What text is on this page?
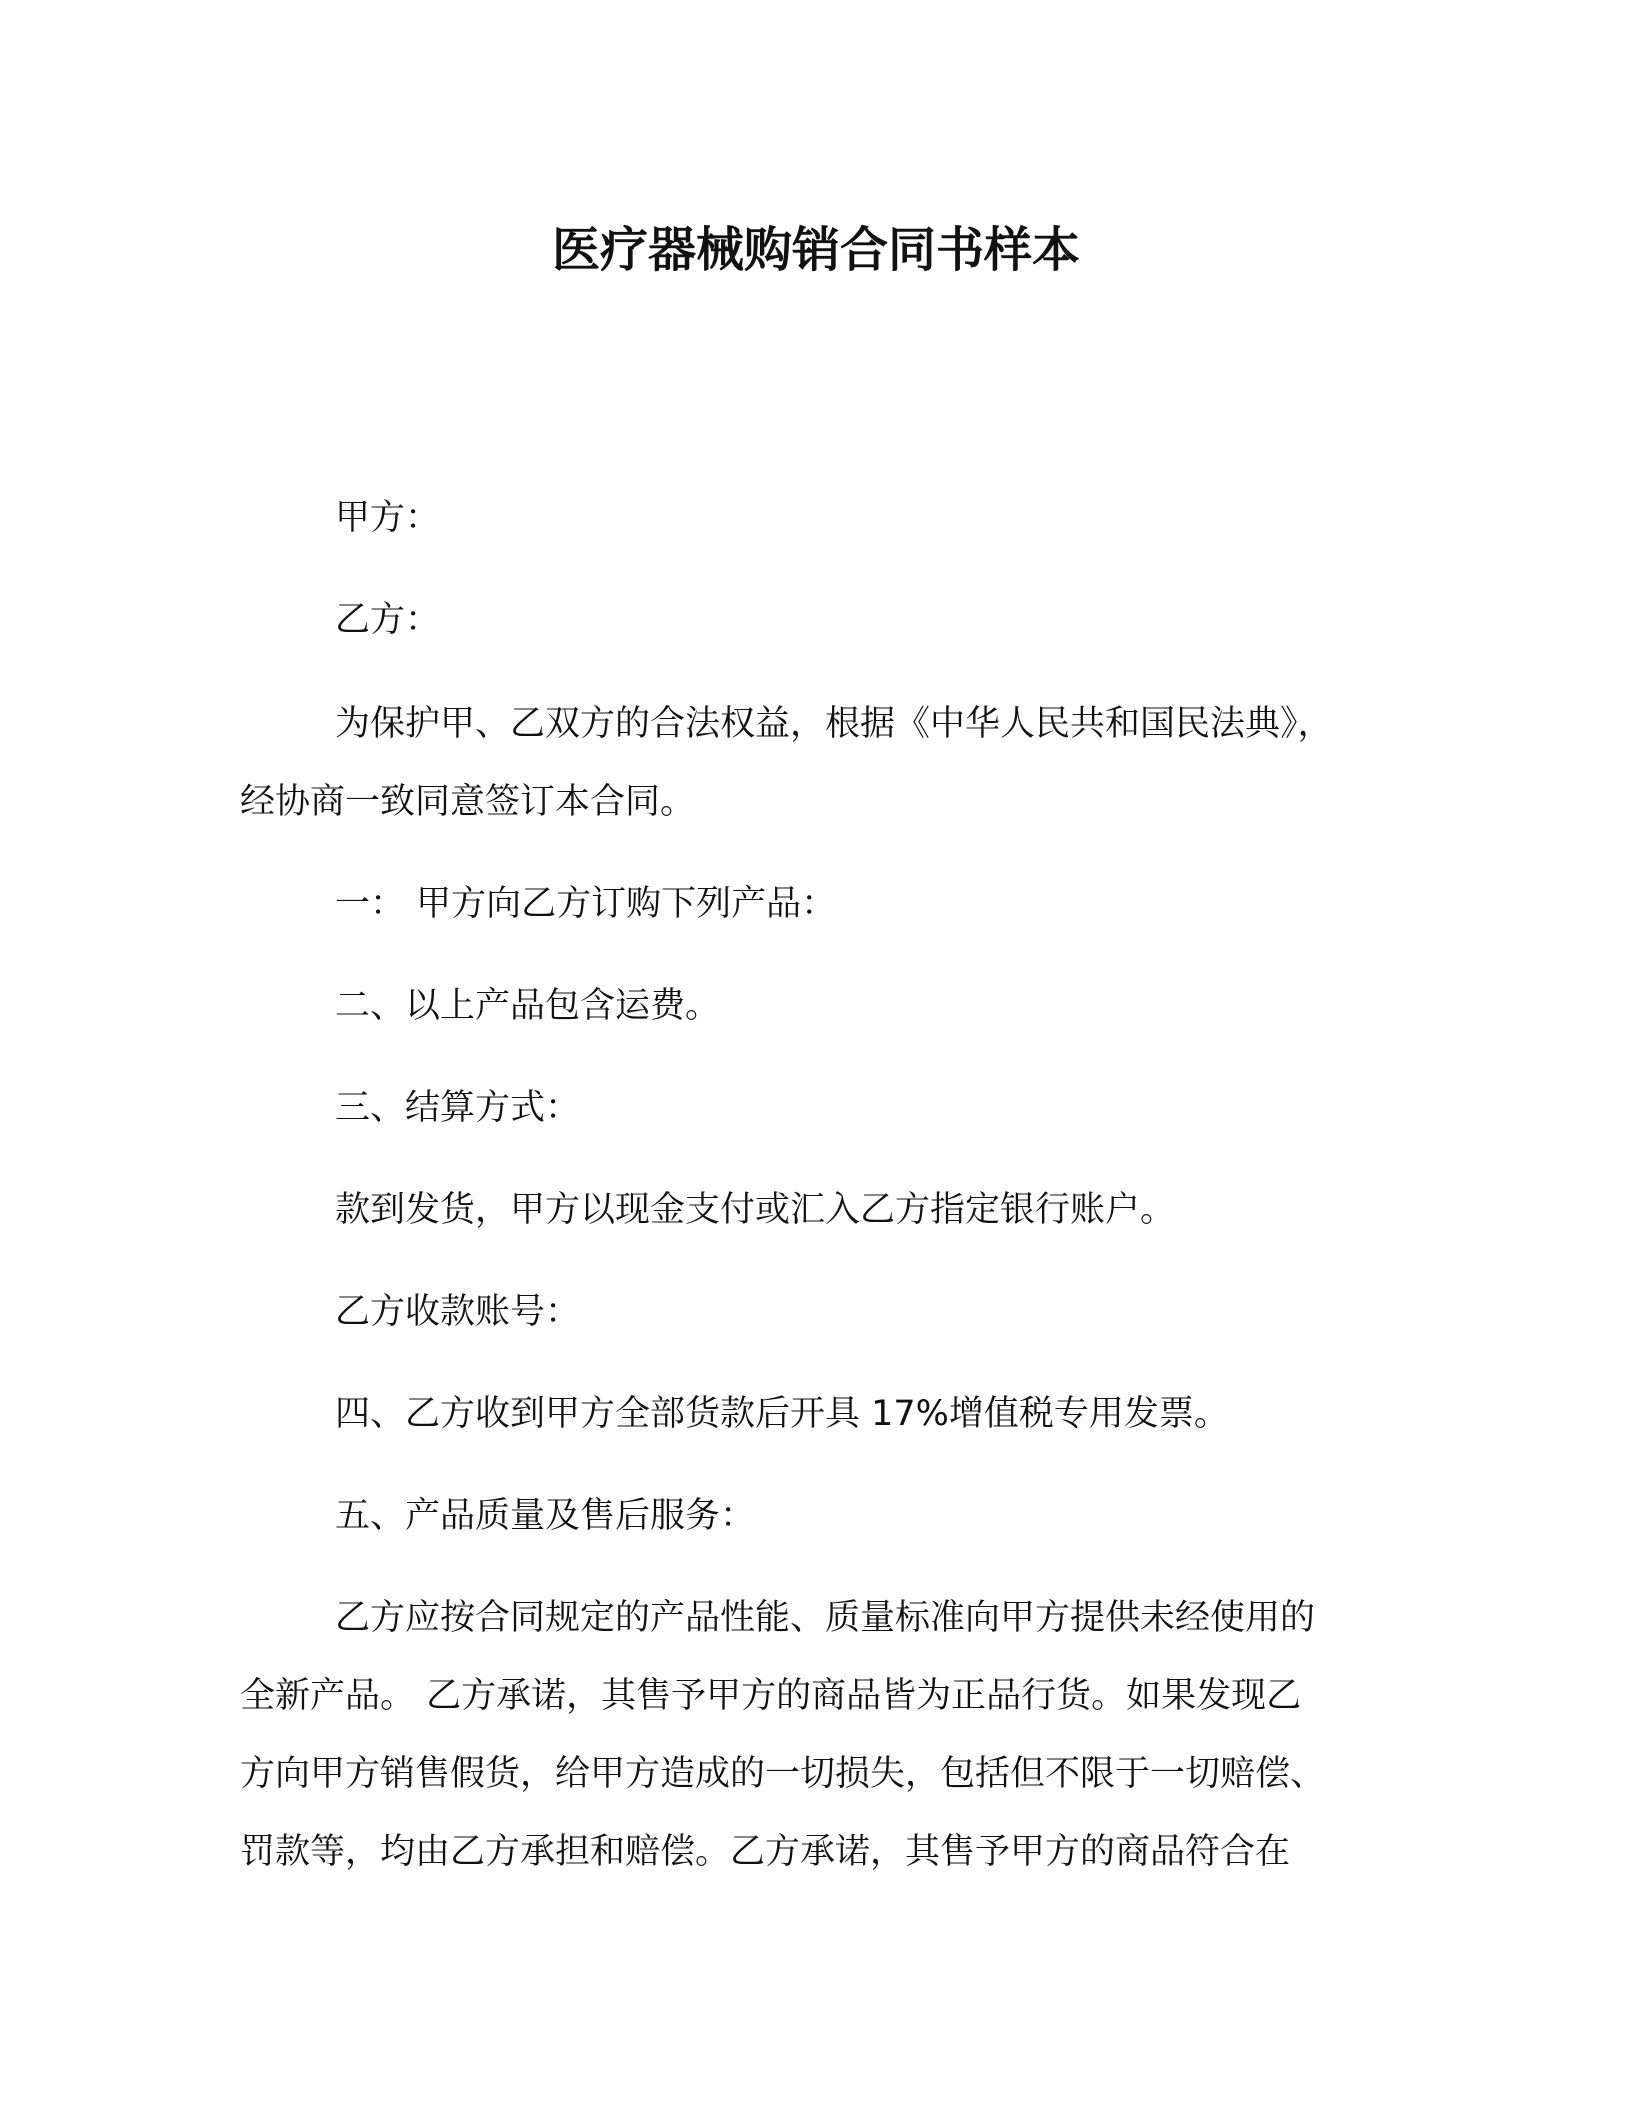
医疗器械购销合同书样本
甲方：
乙方：
为保护甲、乙双方的合法权益，根据《中华人民共和国民法典》，
经协商一致同意签订本合同。
一： 甲方向乙方订购下列产品：
二、以上产品包含运费。
三、结算方式：
款到发货，甲方以现金支付或汇入乙方指定银行账户。
乙方收款账号：
四、乙方收到甲方全部货款后开具 17%增值税专用发票。
五、产品质量及售后服务：
乙方应按合同规定的产品性能、质量标准向甲方提供未经使用的
全新产品。 乙方承诺，其售予甲方的商品皆为正品行货。如果发现乙
方向甲方销售假货，给甲方造成的一切损失，包括但不限于一切赔偿、
罚款等，均由乙方承担和赔偿。乙方承诺，其售予甲方的商品符合在
